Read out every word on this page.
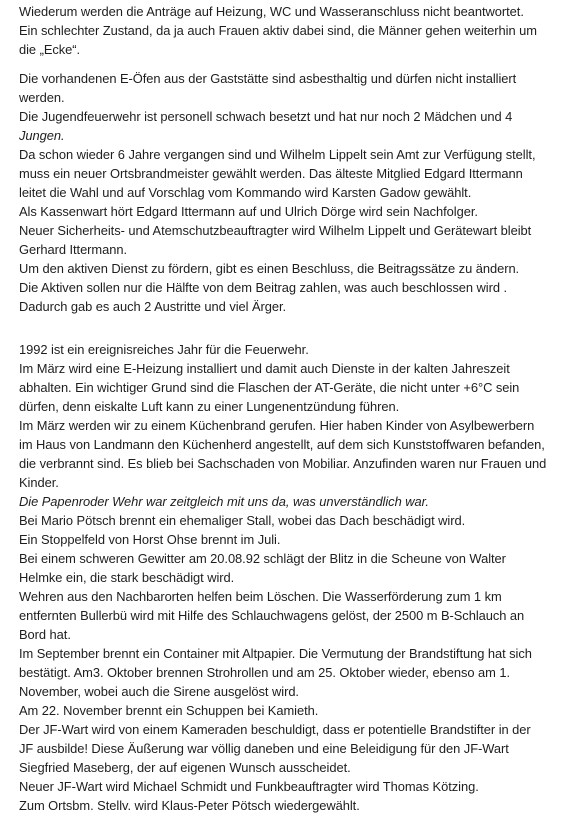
Wiederum werden die Anträge auf Heizung, WC und Wasseranschluss nicht beantwortet.
Ein schlechter Zustand, da ja auch Frauen aktiv dabei sind, die Männer gehen weiterhin um
die „Ecke“.

Die vorhandenen E-Öfen aus der Gaststätte sind asbesthaltig und dürfen nicht installiert
werden.
Die Jugendfeuerwehr ist personell schwach besetzt und hat nur noch 2 Mädchen und 4
Jungen.
Da schon wieder 6 Jahre vergangen sind und Wilhelm Lippelt sein Amt zur Verfügung stellt,
muss ein neuer Ortsbrandmeister gewählt werden. Das älteste Mitglied Edgard Ittermann
leitet die Wahl und auf Vorschlag vom Kommando wird Karsten Gadow gewählt.
Als Kassenwart hört Edgard Ittermann auf und Ulrich Dörge wird sein Nachfolger.
Neuer Sicherheits- und Atemschutzbeauftragter wird Wilhelm Lippelt und Gerätewart bleibt
Gerhard Ittermann.
Um den aktiven Dienst zu fördern, gibt es einen Beschluss, die Beitragssätze zu ändern.
Die Aktiven sollen nur die Hälfte von dem Beitrag zahlen, was auch beschlossen wird .
Dadurch gab es auch 2 Austritte und viel Ärger.

1992 ist ein ereignisreiches Jahr für die Feuerwehr.
Im März wird eine E-Heizung installiert und damit auch Dienste in der kalten Jahreszeit
abhalten. Ein wichtiger Grund sind die Flaschen der AT-Geräte, die nicht unter +6°C sein
dürfen, denn eiskalte Luft kann zu einer Lungenentzündung führen.
Im März werden wir zu einem Küchenbrand gerufen. Hier haben Kinder von Asylbewerbern
im Haus von Landmann den Küchenherd angestellt, auf dem sich Kunststoffwaren befanden,
die verbrannt sind. Es blieb bei Sachschaden von Mobiliar. Anzufinden waren nur Frauen und
Kinder.
Die Papenroder Wehr war zeitgleich mit uns da, was unverständlich war.
Bei Mario Pötsch brennt ein ehemaliger Stall, wobei das Dach beschädigt wird.
Ein Stoppelfeld von Horst Ohse brennt im Juli.
Bei einem schweren Gewitter am 20.08.92 schlägt der Blitz in die Scheune von Walter
Helmke ein, die stark beschädigt wird.
Wehren aus den Nachbarorten helfen beim Löschen. Die Wasserförderung zum 1 km
entfernten Bullerbü wird mit Hilfe des Schlauchwagens gelöst, der 2500 m B-Schlauch an
Bord hat.
Im September brennt ein Container mit Altpapier. Die Vermutung der Brandstiftung hat sich
bestätigt. Am3. Oktober brennen Strohrollen und am 25. Oktober wieder, ebenso am 1.
November, wobei auch die Sirene ausgelöst wird.
Am 22. November brennt ein Schuppen bei Kamieth.
Der JF-Wart wird von einem Kameraden beschuldigt, dass er potentielle Brandstifter in der
JF ausbilde! Diese Äußerung war völlig daneben und eine Beleidigung für den JF-Wart
Siegfried Maseberg, der auf eigenen Wunsch ausscheidet.
Neuer JF-Wart wird Michael Schmidt und Funkbeauftragter wird Thomas Kötzing.
Zum Ortsbm. Stellv. wird Klaus-Peter Pötsch wiedergewählt.
